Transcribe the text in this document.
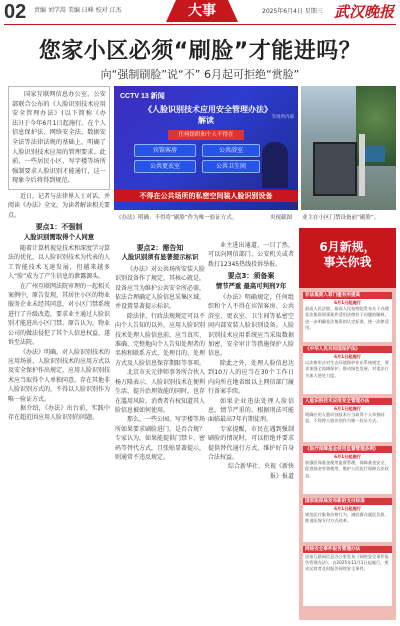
02 责编 刘学嵩 美编 曰峰 校对 江杰	大事	2025年6月4日 星期三 武汉晚报
您家小区必须“刷脸”才能进吗？
向“强制刷脸”说“不” 6月起可拒绝“赏脸”
国家互联网信息办公室、公安部联合公布的《人脸识别技术应用安全管理办法》(以下简称《办法》)于今年6月1日起施行。在个人信息保护法、网络安全法、数据安全法等法律法规的基础上，明确了人脸识别技术应用的管理要求。此前，一些居民小区、写字楼等场所强制要求人脸识别才能通行，这一现象今后将得到规范。

近日，记者与法律界人士对话，并阅读《办法》全文，为读者解读相关要点。

要点1：不强制

人脸识别需取得个人同意

随着计算机视觉技术和深度学习算法的优化，以人脸识别技术为代表的人工智能技术飞速发展，但越来越多人“脸”成为了产生信息的泄露源头。

在广州互联网法院审理的一起相关案例中，原告发现，其居住小区的物业服务企业未经其同意，对小区门禁系统进行了升级改造，要求业主通过人脸识别才能进出小区门禁。原告认为，物业公司的做法侵犯了其个人信息权益，遂诉至法院。

《办法》明确，对人脸识别技术的应用场景、人脸识别技术的应用方式以及安全保护作出规定，应用人脸识别技术应当取得个人单独同意。存在其他非人脸识别方式的，不得以人脸识别作为唯一验证方式。

据介绍，《办法》出台前，实践中存在超范围应用人脸识别的问题。

CCTV 13 新闻
《人脸识别技术应用安全管理办法》解读	等场所内部
任何组织和个人不得在
宾馆客房	公共浴室
公共更衣室	公共卫生间
不得在公共场所的私密空间装人脸识别设备
《办法》明确：不得将“刷脸”作为唯一验证方式。	央视截图 业主在小区门禁设备前“刷脸”。

要点2：需告知

人脸识别须有显著提示标识

《办法》对公共场所安装人脸识别设备作了规定，其核心就是，设备应当为维护公共安全所必需，依法合理确定人脸信息采集区域，并设置显著提示标识。

除法律、行政法规规定可以不向个人告知的以外，应用人脸识别技术处理人脸信息前，应当真实、准确、完整地向个人告知处理者的名称和联系方式、处理目的、处理方式及人脸信息保存期限等事项。

北京市天元律师事务所合伙人杨万隆表示，人脸识别技术在便利生活、提升治理效能的同时，也存在滥用风险，消费者有权知道其人脸信息被如何使用。

那么，一些公园、写字楼等场所如果要求刷脸进门，是否合规？专家认为，如果能提供门禁卡、密码等替代方式，且张贴显著提示，则通常不违反规定。

业主进出通道，一目了然，可以向网信部门、公安机关或者拨打12345热线投诉举报。

要点3：须备案

情节严重 最高可判刑7年

《办法》明确规定，任何组织和个人不得在宾馆客房、公共浴室、更衣室、卫生间等私密空间内部安装人脸识别设备。人脸识别技术应用系统应当采取数据加密、安全审计等措施保护人脸信息。

除此之外，处理人脸信息达到10万人的应当在30个工作日内向所在地省级以上网信部门履行备案手续。

如果企业违法处理人脸信息，情节严重的，根据刑法可能面临最高7年有期徒刑。

专家提醒，市民在遇到强制刷脸的情况时，可以拒绝并要求提供替代通行方式，维护好自身合法权益。

综合新华社、央视《新快报》报道

6月新规，
事关你我
非法集资入罪门槛有所提高
6月1日起施行
最高人民法院、最高人民检察院发布关于办理非法集资刑事案件适用法律若干问题的解释，进一步明确非法集资的认定标准，统一法律适用。
《中华人民共和国保护法》
6月1日起施行
以法律形式对生态环境保护作出系统规定，要求加强全流域保护，推动绿色发展，对违法行为加大惩处力度。
人脸识别技术应用安全管理办法
6月1日起施行
明确应用人脸识别技术应当取得个人单独同意，不得将人脸识别作为唯一验证方式。
《医疗保障基金使用监督管理条例》
6月1日起施行
加强医保基金使用监督管理，保障基金安全，促进基金有效使用，维护公民医疗保障合法权益。
国家医保局发布新的支付标准
6月1日起施行
规范医疗服务价格行为，减轻群众就医负担，推进医保支付方式改革。
网络安全事件报告管理办法
国家互联网信息办公室发布《网络安全事件报告管理办法》，自2025年11月1日起施行，要求运营者及时报告网络安全事件。
